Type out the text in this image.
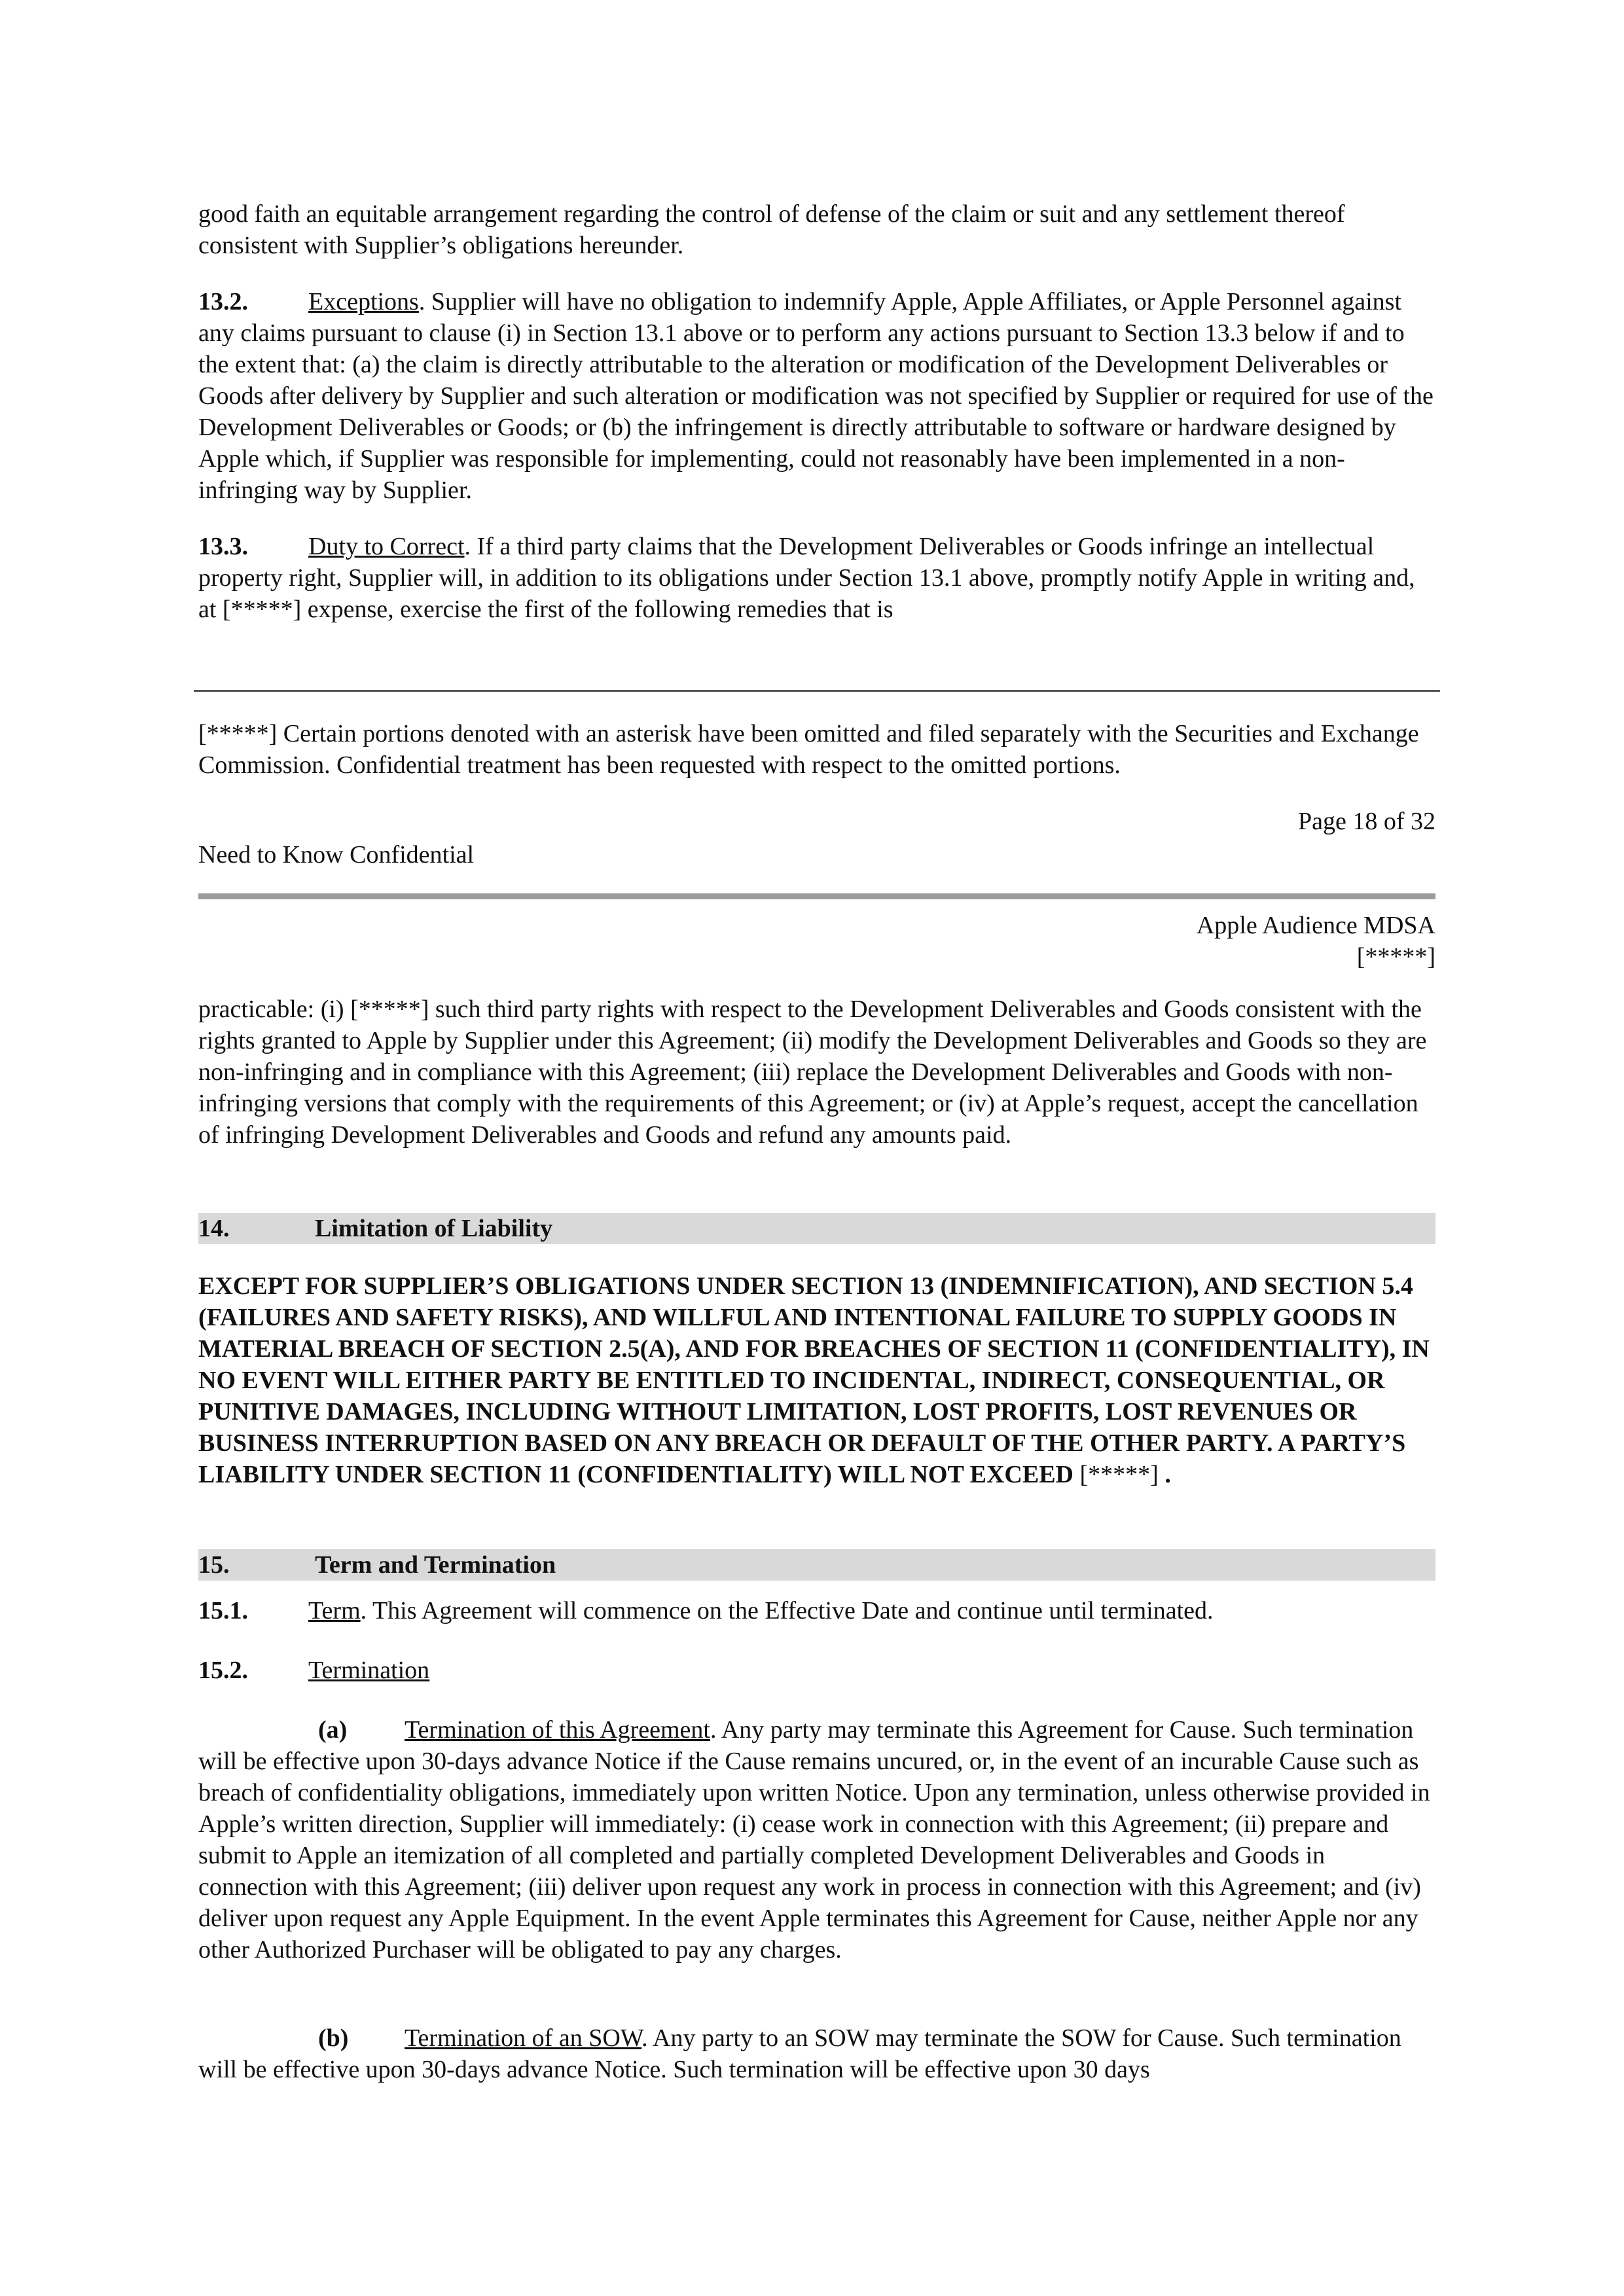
good faith an equitable arrangement regarding the control of defense of the claim or suit and any settlement thereof consistent with Supplier’s obligations hereunder.

13.2. Exceptions. Supplier will have no obligation to indemnify Apple, Apple Affiliates, or Apple Personnel against any claims pursuant to clause (i) in Section 13.1 above or to perform any actions pursuant to Section 13.3 below if and to the extent that: (a) the claim is directly attributable to the alteration or modification of the Development Deliverables or Goods after delivery by Supplier and such alteration or modification was not specified by Supplier or required for use of the Development Deliverables or Goods; or (b) the infringement is directly attributable to software or hardware designed by Apple which, if Supplier was responsible for implementing, could not reasonably have been implemented in a non-infringing way by Supplier.

13.3. Duty to Correct. If a third party claims that the Development Deliverables or Goods infringe an intellectual property right, Supplier will, in addition to its obligations under Section 13.1 above, promptly notify Apple in writing and, at [*****] expense, exercise the first of the following remedies that is

[*****] Certain portions denoted with an asterisk have been omitted and filed separately with the Securities and Exchange Commission. Confidential treatment has been requested with respect to the omitted portions.

Page 18 of 32
Need to Know Confidential
Apple Audience MDSA
[*****]

practicable: (i) [*****] such third party rights with respect to the Development Deliverables and Goods consistent with the rights granted to Apple by Supplier under this Agreement; (ii) modify the Development Deliverables and Goods so they are non-infringing and in compliance with this Agreement; (iii) replace the Development Deliverables and Goods with non-infringing versions that comply with the requirements of this Agreement; or (iv) at Apple’s request, accept the cancellation of infringing Development Deliverables and Goods and refund any amounts paid.

14.	Limitation of Liability

EXCEPT FOR SUPPLIER’S OBLIGATIONS UNDER SECTION 13 (INDEMNIFICATION), AND SECTION 5.4 (FAILURES AND SAFETY RISKS), AND WILLFUL AND INTENTIONAL FAILURE TO SUPPLY GOODS IN MATERIAL BREACH OF SECTION 2.5(A), AND FOR BREACHES OF SECTION 11 (CONFIDENTIALITY), IN NO EVENT WILL EITHER PARTY BE ENTITLED TO INCIDENTAL, INDIRECT, CONSEQUENTIAL, OR PUNITIVE DAMAGES, INCLUDING WITHOUT LIMITATION, LOST PROFITS, LOST REVENUES OR BUSINESS INTERRUPTION BASED ON ANY BREACH OR DEFAULT OF THE OTHER PARTY. A PARTY’S LIABILITY UNDER SECTION 11 (CONFIDENTIALITY) WILL NOT EXCEED [*****] .

15.	Term and Termination

15.1. Term. This Agreement will commence on the Effective Date and continue until terminated.

15.2. Termination

(a) Termination of this Agreement. Any party may terminate this Agreement for Cause. Such termination will be effective upon 30-days advance Notice if the Cause remains uncured, or, in the event of an incurable Cause such as breach of confidentiality obligations, immediately upon written Notice. Upon any termination, unless otherwise provided in Apple’s written direction, Supplier will immediately: (i) cease work in connection with this Agreement; (ii) prepare and submit to Apple an itemization of all completed and partially completed Development Deliverables and Goods in connection with this Agreement; (iii) deliver upon request any work in process in connection with this Agreement; and (iv) deliver upon request any Apple Equipment. In the event Apple terminates this Agreement for Cause, neither Apple nor any other Authorized Purchaser will be obligated to pay any charges.

(b) Termination of an SOW. Any party to an SOW may terminate the SOW for Cause. Such termination will be effective upon 30-days advance Notice. Such termination will be effective upon 30 days
